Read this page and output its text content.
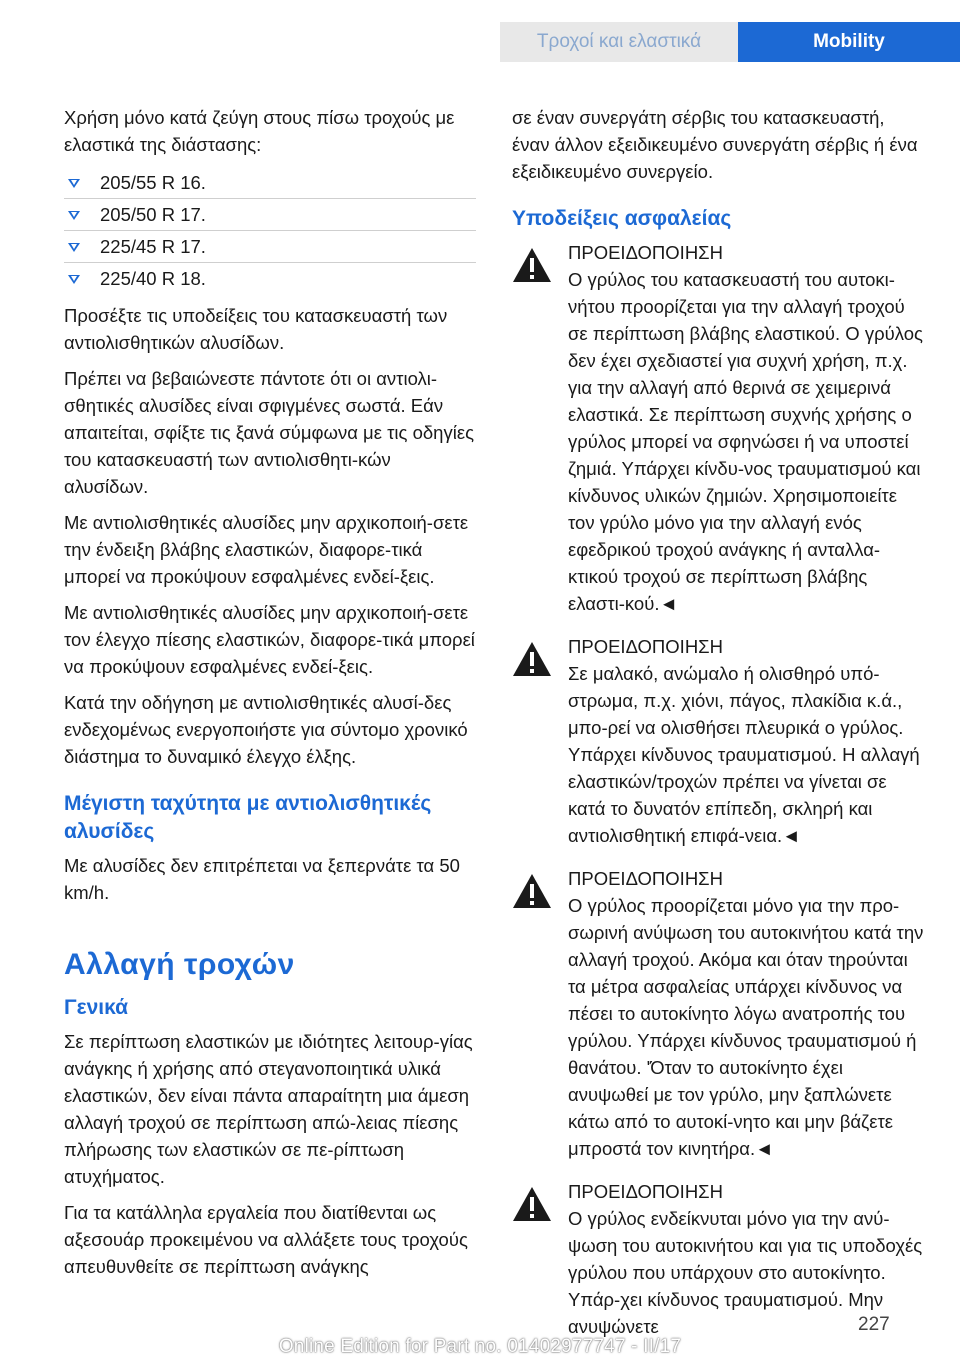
Τροχοί και ελαστικά	Mobility

Χρήση μόνο κατά ζεύγη στους πίσω τροχούς με ελαστικά της διάστασης:

205/55 R 16.
205/50 R 17.
225/45 R 17.
225/40 R 18.

Προσέξτε τις υποδείξεις του κατασκευαστή των αντιολισθητικών αλυσίδων.

Πρέπει να βεβαιώνεστε πάντοτε ότι οι αντιολι‐σθητικές αλυσίδες είναι σφιγμένες σωστά. Εάν απαιτείται, σφίξτε τις ξανά σύμφωνα με τις οδηγίες του κατασκευαστή των αντιολισθητι‐κών αλυσίδων.

Με αντιολισθητικές αλυσίδες μην αρχικοποιή‐σετε την ένδειξη βλάβης ελαστικών, διαφορε‐τικά μπορεί να προκύψουν εσφαλμένες ενδεί‐ξεις.

Με αντιολισθητικές αλυσίδες μην αρχικοποιή‐σετε τον έλεγχο πίεσης ελαστικών, διαφορε‐τικά μπορεί να προκύψουν εσφαλμένες ενδεί‐ξεις.

Κατά την οδήγηση με αντιολισθητικές αλυσί‐δες ενδεχομένως ενεργοποιήστε για σύντομο χρονικό διάστημα το δυναμικό έλεγχο έλξης.

Μέγιστη ταχύτητα με αντιολισθητικές αλυσίδες

Με αλυσίδες δεν επιτρέπεται να ξεπερνάτε τα 50 km/h.

Αλλαγή τροχών
Γενικά

Σε περίπτωση ελαστικών με ιδιότητες λειτουρ‐γίας ανάγκης ή χρήσης από στεγανοποιητικά υλικά ελαστικών, δεν είναι πάντα απαραίτητη μια άμεση αλλαγή τροχού σε περίπτωση απώ‐λειας πίεσης πλήρωσης των ελαστικών σε πε‐ρίπτωση ατυχήματος.

Για τα κατάλληλα εργαλεία που διατίθενται ως αξεσουάρ προκειμένου να αλλάξετε τους τροχούς απευθυνθείτε σε περίπτωση ανάγκης

σε έναν συνεργάτη σέρβις του κατασκευαστή, έναν άλλον εξειδικευμένο συνεργάτη σέρβις ή ένα εξειδικευμένο συνεργείο.

Υποδείξεις ασφαλείας

ΠΡΟΕΙΔΟΠΟΙΗΣΗ

Ο γρύλος του κατασκευαστή του αυτοκι‐νήτου προορίζεται για την αλλαγή τροχού σε περίπτωση βλάβης ελαστικού. Ο γρύλος δεν έχει σχεδιαστεί για συχνή χρήση, π.χ. για την αλλαγή από θερινά σε χειμερινά ελαστικά. Σε περίπτωση συχνής χρήσης ο γρύλος μπορεί να σφηνώσει ή να υποστεί ζημιά. Υπάρχει κίνδυ‐νος τραυματισμού και κίνδυνος υλικών ζημιών. Χρησιμοποιείτε τον γρύλο μόνο για την αλλαγή ενός εφεδρικού τροχού ανάγκης ή ανταλλα‐κτικού τροχού σε περίπτωση βλάβης ελαστι‐κού.◄

ΠΡΟΕΙΔΟΠΟΙΗΣΗ

Σε μαλακό, ανώμαλο ή ολισθηρό υπό‐στρωμα, π.χ. χιόνι, πάγος, πλακίδια κ.ά., μπο‐ρεί να ολισθήσει πλευρικά ο γρύλος. Υπάρχει κίνδυνος τραυματισμού. Η αλλαγή ελαστικών/τροχών πρέπει να γίνεται σε κατά το δυνατόν επίπεδη, σκληρή και αντιολισθητική επιφά‐νεια.◄

ΠΡΟΕΙΔΟΠΟΙΗΣΗ

Ο γρύλος προορίζεται μόνο για την προ‐σωρινή ανύψωση του αυτοκινήτου κατά την αλλαγή τροχού. Ακόμα και όταν τηρούνται τα μέτρα ασφαλείας υπάρχει κίνδυνος να πέσει το αυτοκίνητο λόγω ανατροπής του γρύλου. Υπάρχει κίνδυνος τραυματισμού ή θανάτου. 'Όταν το αυτοκίνητο έχει ανυψωθεί με τον γρύλο, μην ξαπλώνετε κάτω από το αυτοκί‐νητο και μην βάζετε μπροστά τον κινητήρα.◄

ΠΡΟΕΙΔΟΠΟΙΗΣΗ

Ο γρύλος ενδείκνυται μόνο για την ανύ‐ψωση του αυτοκινήτου και για τις υποδοχές γρύλου που υπάρχουν στο αυτοκίνητο. Υπάρ‐χει κίνδυνος τραυματισμού. Μην ανυψώνετε	227
Online Edition for Part no. 01402977747 - II/17
